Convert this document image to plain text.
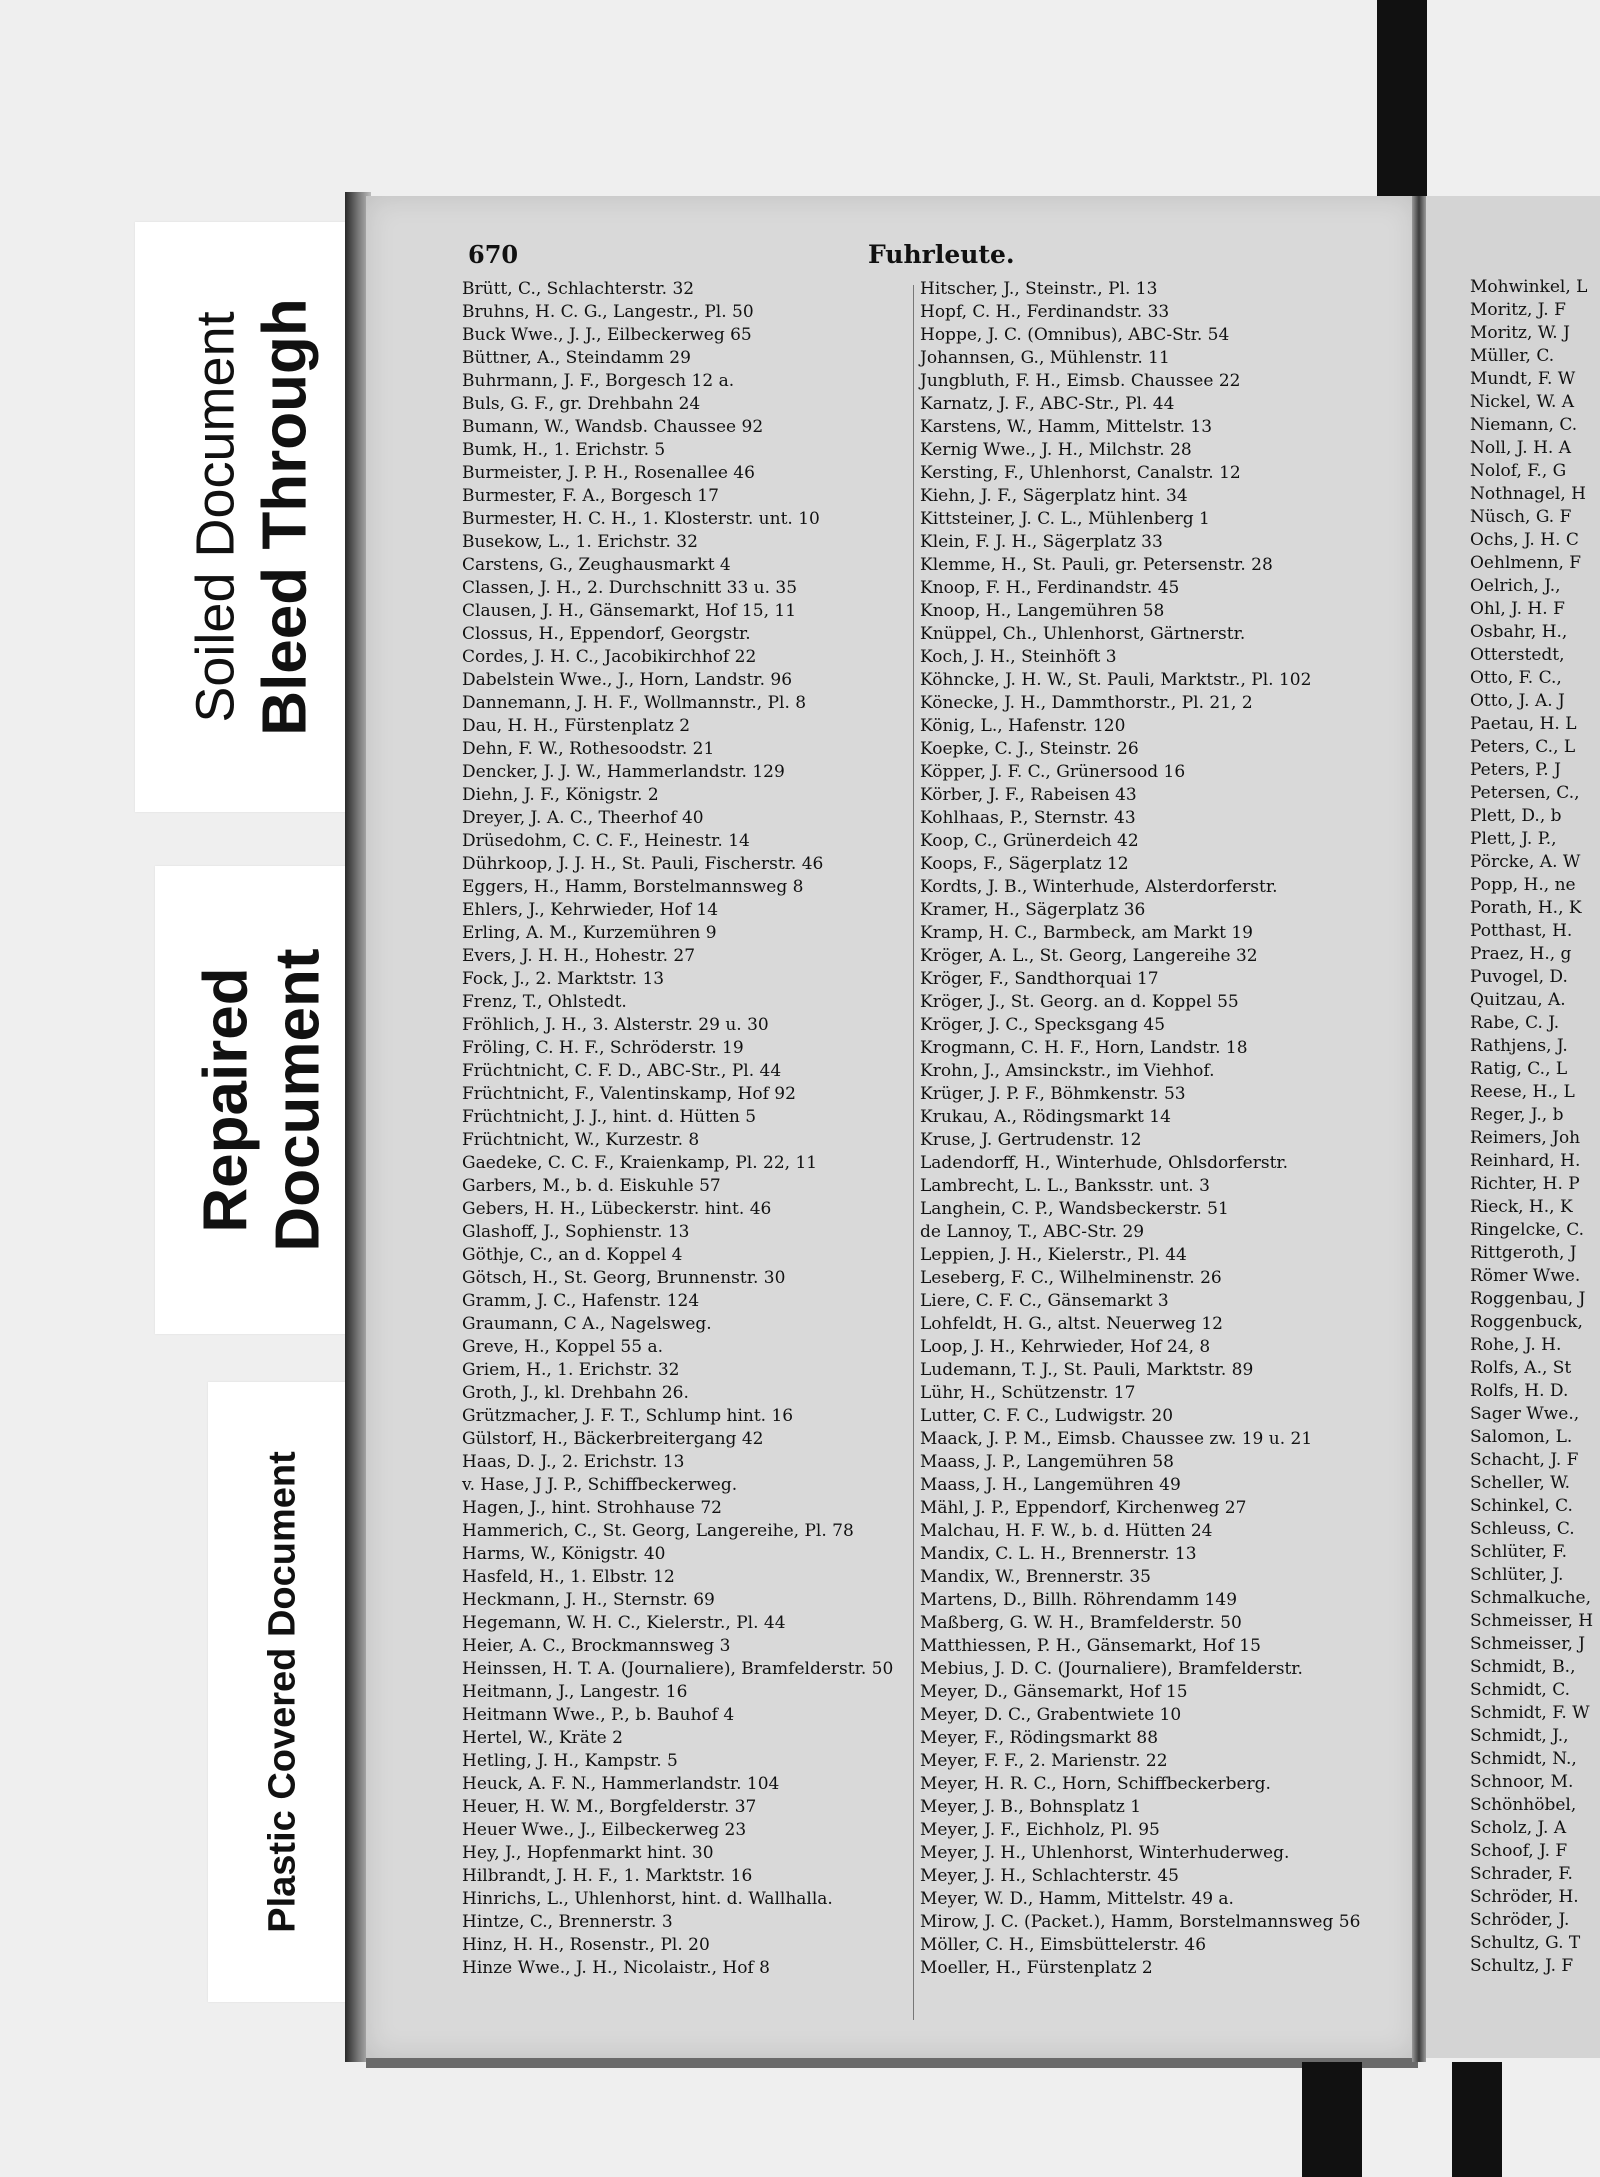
Soiled Document Bleed Through
Repaired Document
Plastic Covered Document
670	Fuhrleute.
Brütt, C., Schlachterstr. 32
Bruhns, H. C. G., Langestr., Pl. 50
Buck Wwe., J. J., Eilbeckerweg 65
Büttner, A., Steindamm 29
Buhrmann, J. F., Borgesch 12 a.
Buls, G. F., gr. Drehbahn 24
Bumann, W., Wandsb. Chaussee 92
Bumk, H., 1. Erichstr. 5
Burmeister, J. P. H., Rosenallee 46
Burmester, F. A., Borgesch 17
Burmester, H. C. H., 1. Klosterstr. unt. 10
Busekow, L., 1. Erichstr. 32
Carstens, G., Zeughausmarkt 4
Classen, J. H., 2. Durchschnitt 33 u. 35
Clausen, J. H., Gänsemarkt, Hof 15, 11
Clossus, H., Eppendorf, Georgstr.
Cordes, J. H. C., Jacobikirchhof 22
Dabelstein Wwe., J., Horn, Landstr. 96
Dannemann, J. H. F., Wollmannstr., Pl. 8
Dau, H. H., Fürstenplatz 2
Dehn, F. W., Rothesoodstr. 21
Dencker, J. J. W., Hammerlandstr. 129
Diehn, J. F., Königstr. 2
Dreyer, J. A. C., Theerhof 40
Drüsedohm, C. C. F., Heinestr. 14
Dührkoop, J. J. H., St. Pauli, Fischerstr. 46
Eggers, H., Hamm, Borstelmannsweg 8
Ehlers, J., Kehrwieder, Hof 14
Erling, A. M., Kurzemühren 9
Evers, J. H. H., Hohestr. 27
Fock, J., 2. Marktstr. 13
Frenz, T., Ohlstedt.
Fröhlich, J. H., 3. Alsterstr. 29 u. 30
Fröling, C. H. F., Schröderstr. 19
Früchtnicht, C. F. D., ABC-Str., Pl. 44
Früchtnicht, F., Valentinskamp, Hof 92
Früchtnicht, J. J., hint. d. Hütten 5
Früchtnicht, W., Kurzestr. 8
Gaedeke, C. C. F., Kraienkamp, Pl. 22, 11
Garbers, M., b. d. Eiskuhle 57
Gebers, H. H., Lübeckerstr. hint. 46
Glashoff, J., Sophienstr. 13
Göthje, C., an d. Koppel 4
Götsch, H., St. Georg, Brunnenstr. 30
Gramm, J. C., Hafenstr. 124
Graumann, C A., Nagelsweg.
Greve, H., Koppel 55 a.
Griem, H., 1. Erichstr. 32
Groth, J., kl. Drehbahn 26.
Grützmacher, J. F. T., Schlump hint. 16
Gülstorf, H., Bäckerbreitergang 42
Haas, D. J., 2. Erichstr. 13
v. Hase, J J. P., Schiffbeckerweg.
Hagen, J., hint. Strohhause 72
Hammerich, C., St. Georg, Langereihe, Pl. 78
Harms, W., Königstr. 40
Hasfeld, H., 1. Elbstr. 12
Heckmann, J. H., Sternstr. 69
Hegemann, W. H. C., Kielerstr., Pl. 44
Heier, A. C., Brockmannsweg 3
Heinssen, H. T. A. (Journaliere), Bramfelderstr. 50
Heitmann, J., Langestr. 16
Heitmann Wwe., P., b. Bauhof 4
Hertel, W., Kräte 2
Hetling, J. H., Kampstr. 5
Heuck, A. F. N., Hammerlandstr. 104
Heuer, H. W. M., Borgfelderstr. 37
Heuer Wwe., J., Eilbeckerweg 23
Hey, J., Hopfenmarkt hint. 30
Hilbrandt, J. H. F., 1. Marktstr. 16
Hinrichs, L., Uhlenhorst, hint. d. Wallhalla.
Hintze, C., Brennerstr. 3
Hinz, H. H., Rosenstr., Pl. 20
Hinze Wwe., J. H., Nicolaistr., Hof 8
Hitscher, J., Steinstr., Pl. 13
Hopf, C. H., Ferdinandstr. 33
Hoppe, J. C. (Omnibus), ABC-Str. 54
Johannsen, G., Mühlenstr. 11
Jungbluth, F. H., Eimsb. Chaussee 22
Karnatz, J. F., ABC-Str., Pl. 44
Karstens, W., Hamm, Mittelstr. 13
Kernig Wwe., J. H., Milchstr. 28
Kersting, F., Uhlenhorst, Canalstr. 12
Kiehn, J. F., Sägerplatz hint. 34
Kittsteiner, J. C. L., Mühlenberg 1
Klein, F. J. H., Sägerplatz 33
Klemme, H., St. Pauli, gr. Petersenstr. 28
Knoop, F. H., Ferdinandstr. 45
Knoop, H., Langemühren 58
Knüppel, Ch., Uhlenhorst, Gärtnerstr.
Koch, J. H., Steinhöft 3
Köhncke, J. H. W., St. Pauli, Marktstr., Pl. 102
Könecke, J. H., Dammthorstr., Pl. 21, 2
König, L., Hafenstr. 120
Koepke, C. J., Steinstr. 26
Köpper, J. F. C., Grünersood 16
Körber, J. F., Rabeisen 43
Kohlhaas, P., Sternstr. 43
Koop, C., Grünerdeich 42
Koops, F., Sägerplatz 12
Kordts, J. B., Winterhude, Alsterdorferstr.
Kramer, H., Sägerplatz 36
Kramp, H. C., Barmbeck, am Markt 19
Kröger, A. L., St. Georg, Langereihe 32
Kröger, F., Sandthorquai 17
Kröger, J., St. Georg. an d. Koppel 55
Kröger, J. C., Specksgang 45
Krogmann, C. H. F., Horn, Landstr. 18
Krohn, J., Amsinckstr., im Viehhof.
Krüger, J. P. F., Böhmkenstr. 53
Krukau, A., Rödingsmarkt 14
Kruse, J. Gertrudenstr. 12
Ladendorff, H., Winterhude, Ohlsdorferstr.
Lambrecht, L. L., Banksstr. unt. 3
Langhein, C. P., Wandsbeckerstr. 51
de Lannoy, T., ABC-Str. 29
Leppien, J. H., Kielerstr., Pl. 44
Leseberg, F. C., Wilhelminenstr. 26
Liere, C. F. C., Gänsemarkt 3
Lohfeldt, H. G., altst. Neuerweg 12
Loop, J. H., Kehrwieder, Hof 24, 8
Ludemann, T. J., St. Pauli, Marktstr. 89
Lühr, H., Schützenstr. 17
Lutter, C. F. C., Ludwigstr. 20
Maack, J. P. M., Eimsb. Chaussee zw. 19 u. 21
Maass, J. P., Langemühren 58
Maass, J. H., Langemühren 49
Mähl, J. P., Eppendorf, Kirchenweg 27
Malchau, H. F. W., b. d. Hütten 24
Mandix, C. L. H., Brennerstr. 13
Mandix, W., Brennerstr. 35
Martens, D., Billh. Röhrendamm 149
Maßberg, G. W. H., Bramfelderstr. 50
Matthiessen, P. H., Gänsemarkt, Hof 15
Mebius, J. D. C. (Journaliere), Bramfelderstr.
Meyer, D., Gänsemarkt, Hof 15
Meyer, D. C., Grabentwiete 10
Meyer, F., Rödingsmarkt 88
Meyer, F. F., 2. Marienstr. 22
Meyer, H. R. C., Horn, Schiffbeckerberg.
Meyer, J. B., Bohnsplatz 1
Meyer, J. F., Eichholz, Pl. 95
Meyer, J. H., Uhlenhorst, Winterhuderweg.
Meyer, J. H., Schlachterstr. 45
Meyer, W. D., Hamm, Mittelstr. 49 a.
Mirow, J. C. (Packet.), Hamm, Borstelmannsweg 56
Möller, C. H., Eimsbüttelerstr. 46
Moeller, H., Fürstenplatz 2
Mohwinkel, L
Moritz, J. F
Moritz, W. J
Müller, C.
Mundt, F. W
Nickel, W. A
Niemann, C.
Noll, J. H. A
Nolof, F., G
Nothnagel, H
Nüsch, G. F
Ochs, J. H. C
Oehlmenn, F
Oelrich, J.,
Ohl, J. H. F
Osbahr, H.,
Otterstedt,
Otto, F. C.,
Otto, J. A. J
Paetau, H. L
Peters, C., L
Peters, P. J
Petersen, C.,
Plett, D., b
Plett, J. P.,
Pörcke, A. W
Popp, H., ne
Porath, H., K
Potthast, H.
Praez, H., g
Puvogel, D.
Quitzau, A.
Rabe, C. J.
Rathjens, J.
Ratig, C., L
Reese, H., L
Reger, J., b
Reimers, Joh
Reinhard, H.
Richter, H. P
Rieck, H., K
Ringelcke, C.
Rittgeroth, J
Römer Wwe.
Roggenbau, J
Roggenbuck,
Rohe, J. H.
Rolfs, A., St
Rolfs, H. D.
Sager Wwe.,
Salomon, L.
Schacht, J. F
Scheller, W.
Schinkel, C.
Schleuss, C.
Schlüter, F.
Schlüter, J.
Schmalkuche,
Schmeisser, H
Schmeisser, J
Schmidt, B.,
Schmidt, C.
Schmidt, F. W
Schmidt, J.,
Schmidt, N.,
Schnoor, M.
Schönhöbel,
Scholz, J. A
Schoof, J. F
Schrader, F.
Schröder, H.
Schröder, J.
Schultz, G. T
Schultz, J. F
